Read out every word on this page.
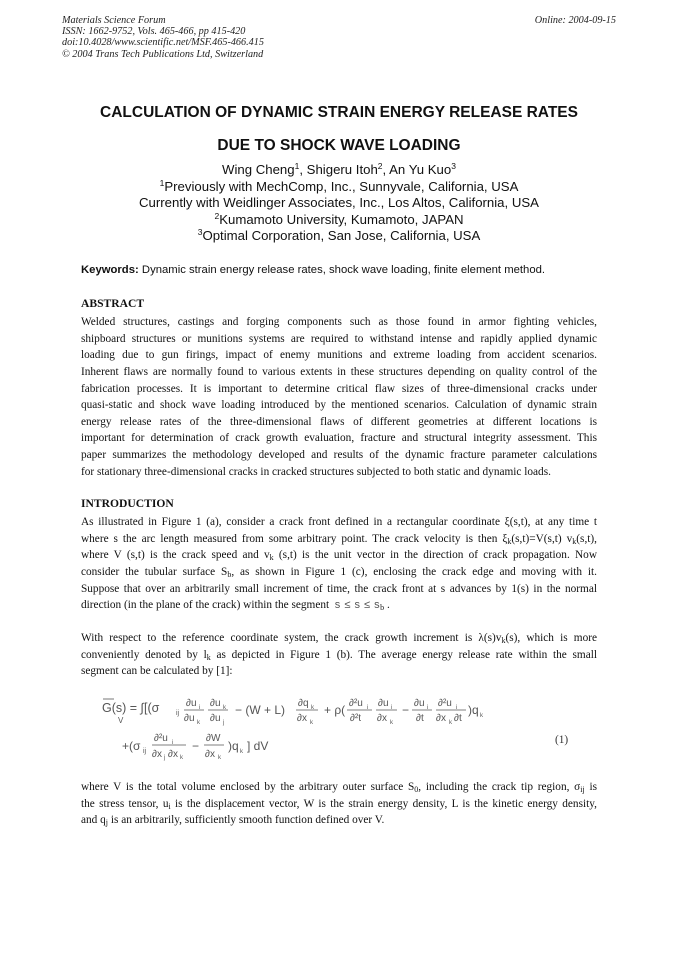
Materials Science Forum
ISSN: 1662-9752, Vols. 465-466, pp 415-420
doi:10.4028/www.scientific.net/MSF.465-466.415
© 2004 Trans Tech Publications Ltd, Switzerland
Online: 2004-09-15
CALCULATION OF DYNAMIC STRAIN ENERGY RELEASE RATES
DUE TO SHOCK WAVE LOADING
Wing Cheng$^1$, Shigeru Itoh$^2$, An Yu Kuo$^3$
$^1$Previously with MechComp, Inc., Sunnyvale, California, USA
Currently with Weidlinger Associates, Inc., Los Altos, California, USA
$^2$Kumamoto University, Kumamoto, JAPAN
$^3$Optimal Corporation, San Jose, California, USA
Keywords: Dynamic strain energy release rates, shock wave loading, finite element method.
ABSTRACT
Welded structures, castings and forging components such as those found in armor fighting vehicles,
shipboard structures or munitions systems are required to withstand intense and rapidly applied dynamic
loading due to gun firings, impact of enemy munitions and extreme loading from accident scenarios.
Inherent flaws are normally found to various extents in these structures depending on quality control of the
fabrication processes. It is important to determine critical flaw sizes of three-dimensional cracks under
quasi-static and shock wave loading introduced by the mentioned scenarios. Calculation of dynamic strain
energy release rates of the three-dimensional flaws of different geometries at different locations is
important for determination of crack growth evaluation, fracture and structural integrity assessment. This
paper summarizes the methodology developed and results of the dynamic fracture parameter calculations
for stationary three-dimensional cracks in cracked structures subjected to both static and dynamic loads.
INTRODUCTION
As illustrated in Figure 1 (a), consider a crack front defined in a rectangular coordinate ξ(s,t), at any time t
where s the arc length measured from some arbitrary point. The crack velocity is then $\xi_k(s,t)=V(s,t)$ $v_k(s,t)$,
where V (s,t) is the crack speed and $v_k$ (s,t) is the unit vector in the direction of crack propagation. Now
consider the tubular surface $S_b$, as shown in Figure 1 (c), enclosing the crack edge and moving with it.
Suppose that over an arbitrarily small increment of time, the crack front at s advances by 1(s) in the normal
direction (in the plane of the crack) within the segment $s \le s \le s_b$ .
With respect to the reference coordinate system, the crack growth increment is $\lambda(s)v_k(s)$, which is more
conveniently denoted by $l_k$ as depicted in Figure 1 (b). The average energy release rate within the small
segment can be calculated by [1]:
G(s) = ∫[(σ ij
V
∂u i
∂u k
∂u k
∂u j
− (W + L) ∂q k
∂x k
+ ρ( ∂²u i
∂²t
∂u i
∂x k
− ∂u i
∂t
∂²u i
∂x k ∂t
)q k
+(σ ij
∂²u i
∂x j ∂x k
−
∂W
∂x k
)q k ] dV	(1)
where V is the total volume enclosed by the arbitrary outer surface $S_0$, including the crack tip region, $\sigma_{ij}$ is
the stress tensor, $u_i$ is the displacement vector, W is the strain energy density, L is the kinetic energy density,
and $q_j$ is an arbitrarily, sufficiently smooth function defined over V.
